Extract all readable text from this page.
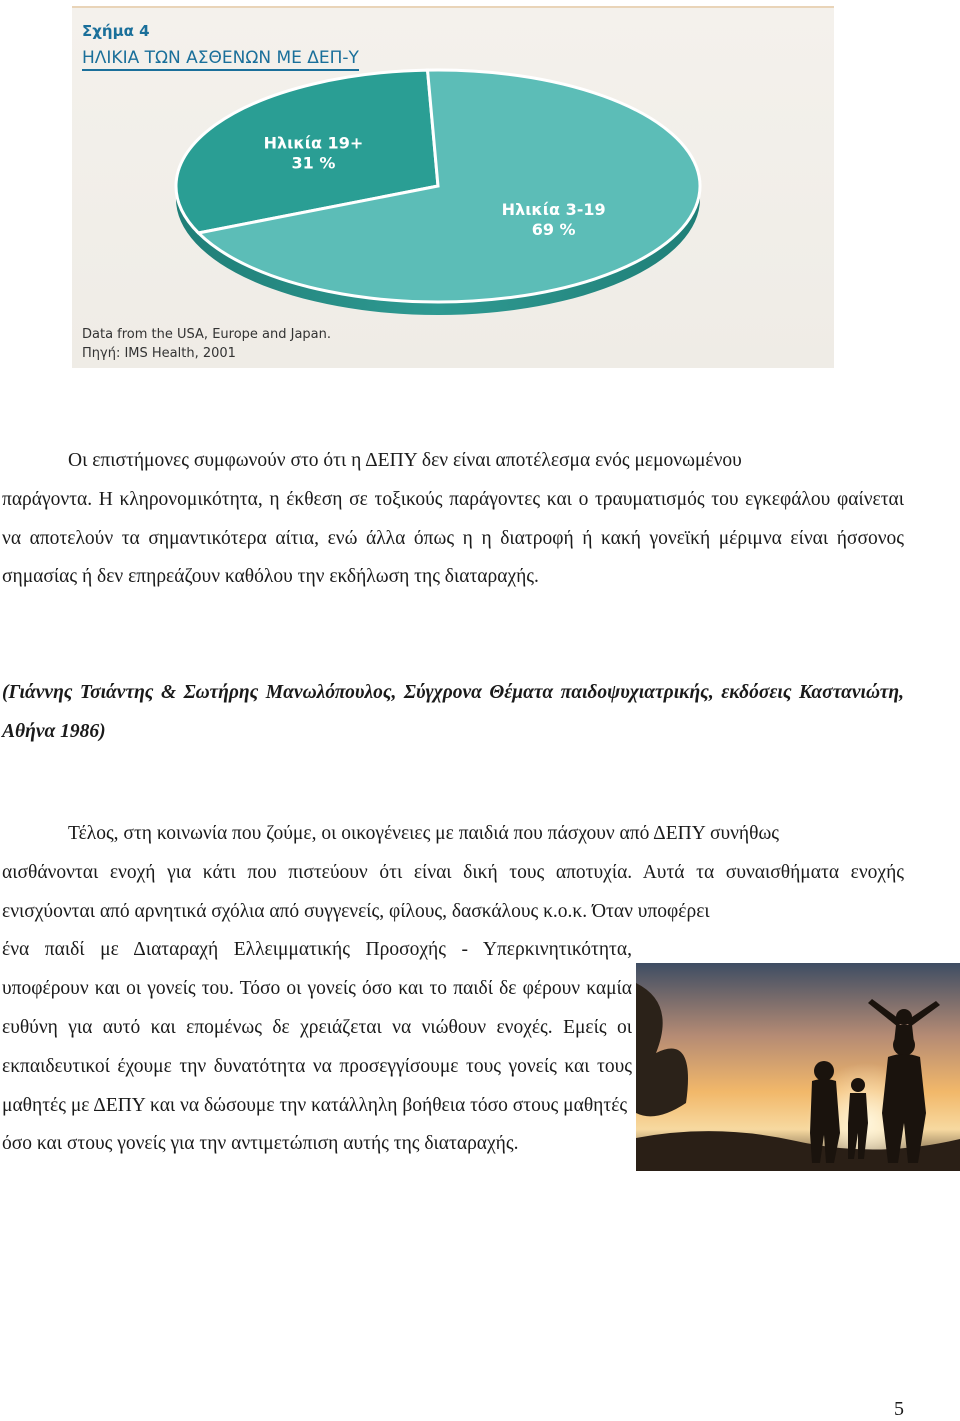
Ηλικία 19+
31 %
Ηλικία 3-19
69 %
Σχήμα 4
ΗΛΙΚΙΑ ΤΩΝ ΑΣΘΕΝΩΝ ΜΕ ΔΕΠ-Υ
Data from the USA, Europe and Japan.
Πηγή: IMS Health, 2001

Οι επιστήμονες συμφωνούν στο ότι η ΔΕΠΥ δεν είναι αποτέλεσμα ενός μεμονωμένου

παράγοντα. Η κληρονομικότητα, η έκθεση σε τοξικούς παράγοντες και ο τραυματισμός του εγκεφάλου φαίνεται να αποτελούν τα σημαντικότερα αίτια, ενώ άλλα όπως η η διατροφή ή κακή γονεϊκή μέριμνα είναι ήσσονος σημασίας ή δεν επηρεάζουν καθόλου την εκδήλωση της διαταραχής.

(Γιάννης Τσιάντης & Σωτήρης Μανωλόπουλος, Σύγχρονα Θέματα παιδοψυχιατρικής, εκδόσεις Καστανιώτη, Αθήνα 1986)

Τέλος, στη κοινωνία που ζούμε, οι οικογένειες με παιδιά που πάσχουν από ΔΕΠΥ συνήθως

αισθάνονται ενοχή για κάτι που πιστεύουν ότι είναι δική τους αποτυχία. Αυτά τα συναισθήματα ενοχής ενισχύονται από αρνητικά σχόλια από συγγενείς, φίλους, δασκάλους κ.ο.κ. Όταν υποφέρει

ένα παιδί με Διαταραχή Ελλειμματικής Προσοχής - Υπερκινητικότητα, υποφέρουν και οι γονείς του. Τόσο οι γονείς όσο και το παιδί δε φέρουν καμία ευθύνη για αυτό και επομένως δε χρειάζεται να νιώθουν ενοχές. Εμείς οι εκπαιδευτικοί έχουμε την δυνατότητα να προσεγγίσουμε τους γονείς και τους μαθητές με ΔΕΠΥ και να δώσουμε την κατάλληλη βοήθεια τόσο στους μαθητές

όσο και στους γονείς για την αντιμετώπιση αυτής της διαταραχής.

5
